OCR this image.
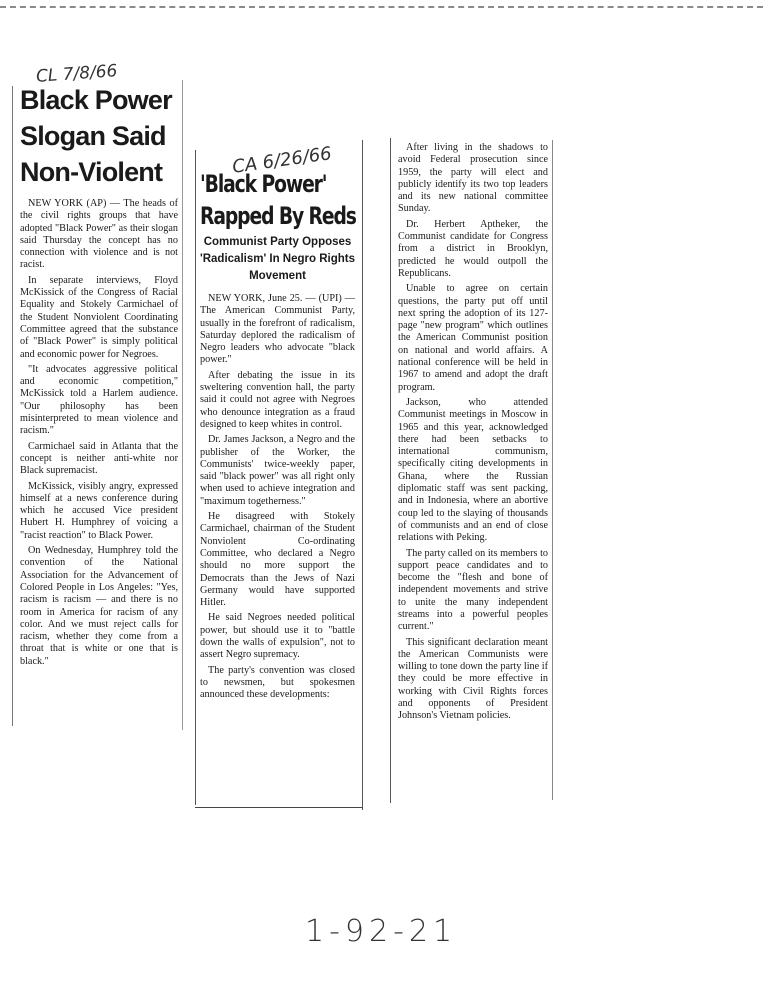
CL 7/8/66
CA 6/26/66
Black Power Slogan Said Non-Violent

NEW YORK (AP) — The heads of the civil rights groups that have adopted "Black Power" as their slogan said Thursday the concept has no connection with violence and is not racist.

In separate interviews, Floyd McKissick of the Congress of Racial Equality and Stokely Carmichael of the Student Nonviolent Coordinating Committee agreed that the substance of "Black Power" is simply political and economic power for Negroes.

"It advocates aggressive political and economic competition," McKissick told a Harlem audience. "Our philosophy has been misinterpreted to mean violence and racism."

Carmichael said in Atlanta that the concept is neither anti-white nor Black supremacist.

McKissick, visibly angry, expressed himself at a news conference during which he accused Vice president Hubert H. Humphrey of voicing a "racist reaction" to Black Power.

On Wednesday, Humphrey told the convention of the National Association for the Advancement of Colored People in Los Angeles: "Yes, racism is racism — and there is no room in America for racism of any color. And we must reject calls for racism, whether they come from a throat that is white or one that is black."

'Black Power' Rapped By Reds
Communist Party Opposes 'Radicalism' In Negro Rights Movement

NEW YORK, June 25. — (UPI) — The American Communist Party, usually in the forefront of radicalism, Saturday deplored the radicalism of Negro leaders who advocate "black power."

After debating the issue in its sweltering convention hall, the party said it could not agree with Negroes who denounce integration as a fraud designed to keep whites in control.

Dr. James Jackson, a Negro and the publisher of the Worker, the Communists' twice-weekly paper, said "black power" was all right only when used to achieve integration and "maximum togetherness."

He disagreed with Stokely Carmichael, chairman of the Student Nonviolent Co-ordinating Committee, who declared a Negro should no more support the Democrats than the Jews of Nazi Germany would have supported Hitler.

He said Negroes needed political power, but should use it to "battle down the walls of expulsion", not to assert Negro supremacy.

The party's convention was closed to newsmen, but spokesmen announced these developments:

After living in the shadows to avoid Federal prosecution since 1959, the party will elect and publicly identify its two top leaders and its new national committee Sunday.

Dr. Herbert Aptheker, the Communist candidate for Congress from a district in Brooklyn, predicted he would outpoll the Republicans.

Unable to agree on certain questions, the party put off until next spring the adoption of its 127-page "new program" which outlines the American Communist position on national and world affairs. A national conference will be held in 1967 to amend and adopt the draft program.

Jackson, who attended Communist meetings in Moscow in 1965 and this year, acknowledged there had been setbacks to international communism, specifically citing developments in Ghana, where the Russian diplomatic staff was sent packing, and in Indonesia, where an abortive coup led to the slaying of thousands of communists and an end of close relations with Peking.

The party called on its members to support peace candidates and to become the "flesh and bone of independent movements and strive to unite the many independent streams into a powerful peoples current."

This significant declaration meant the American Communists were willing to tone down the party line if they could be more effective in working with Civil Rights forces and opponents of President Johnson's Vietnam policies.

1-92-21
